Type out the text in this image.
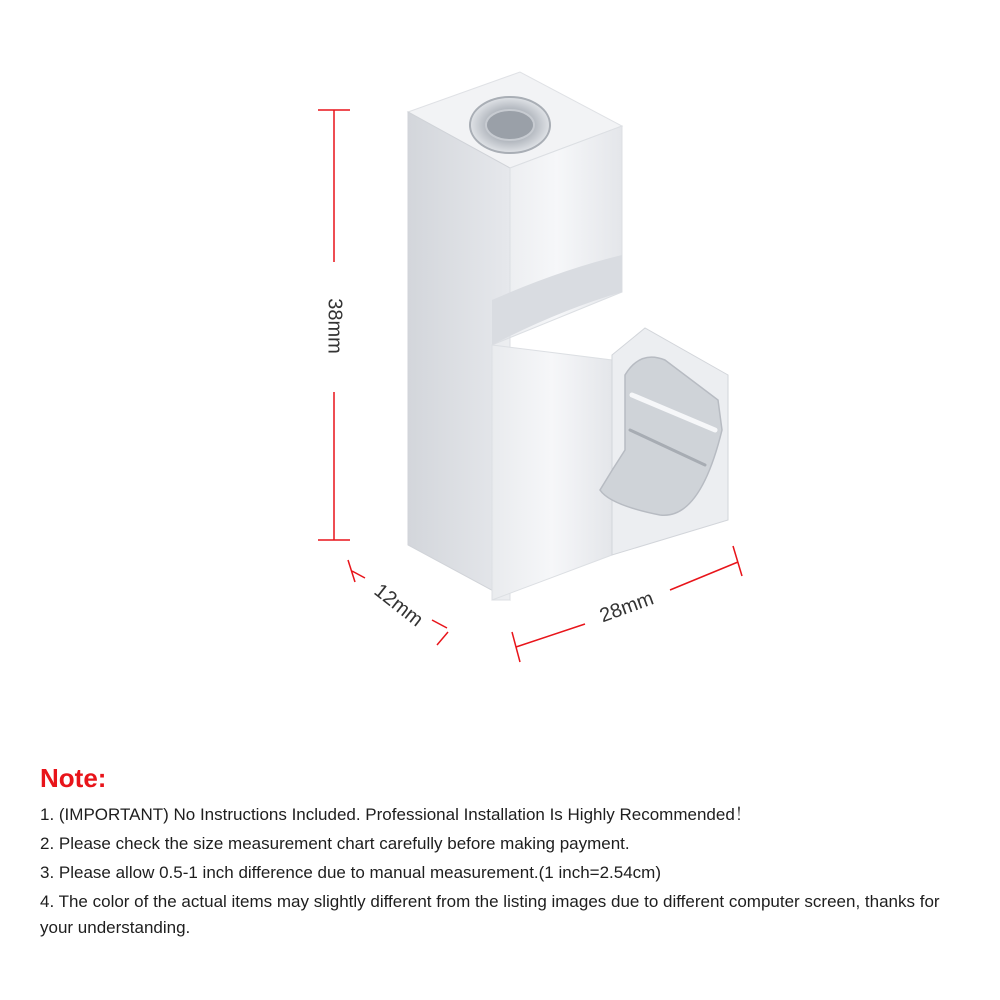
38mm
12mm	28mm
Note:
1. (IMPORTANT) No Instructions Included. Professional Installation Is Highly Recommended！
2. Please check the size measurement chart carefully before making payment.
3. Please allow 0.5-1 inch difference due to manual measurement.(1 inch=2.54cm)
4. The color of the actual items may slightly different from the listing images due to different computer screen, thanks for your understanding.
